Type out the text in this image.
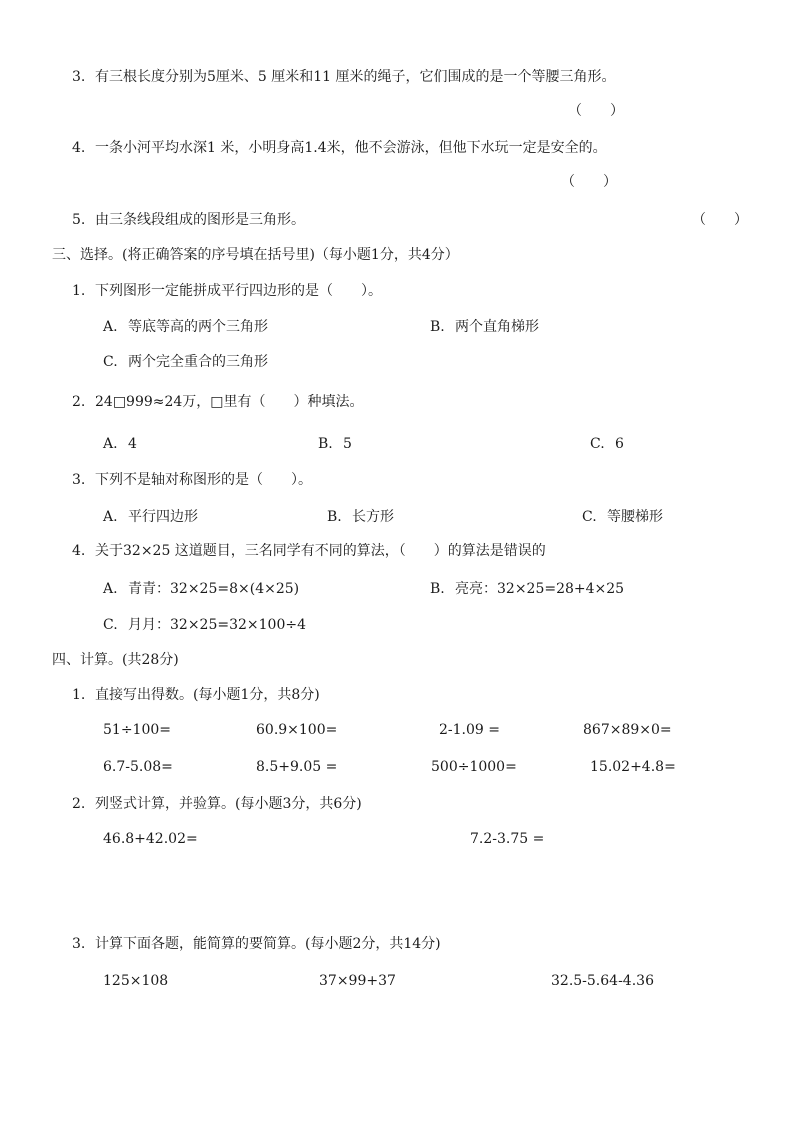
3. 有三根长度分别为5厘米、5 厘米和11 厘米的绳子，它们围成的是一个等腰三角形。
（　　）
4. 一条小河平均水深1 米，小明身高1.4米，他不会游泳，但他下水玩一定是安全的。
（　　）
5. 由三条线段组成的图形是三角形。	（　　）
三、选择。(将正确答案的序号填在括号里)（每小题1分，共4分）
1. 下列图形一定能拼成平行四边形的是（　　）。
A. 等底等高的两个三角形	B. 两个直角梯形
C. 两个完全重合的三角形
2. 24□999≈24万，□里有（　　）种填法。
A. 4	B. 5	C. 6
3. 下列不是轴对称图形的是（　　）。
A. 平行四边形	B. 长方形	C. 等腰梯形
4. 关于32×25 这道题目，三名同学有不同的算法，（　　）的算法是错误的
A. 青青：32×25=8×(4×25)	B. 亮亮：32×25=28+4×25
C. 月月：32×25=32×100÷4
四、计算。(共28分)
1. 直接写出得数。(每小题1分，共8分)
51÷100=	60.9×100=	2-1.09 =	867×89×0=
6.7-5.08=	8.5+9.05 =	500÷1000=	15.02+4.8=
2. 列竖式计算，并验算。(每小题3分，共6分)
46.8+42.02=	7.2-3.75 =
3. 计算下面各题，能简算的要简算。(每小题2分，共14分)
125×108	37×99+37	32.5-5.64-4.36
